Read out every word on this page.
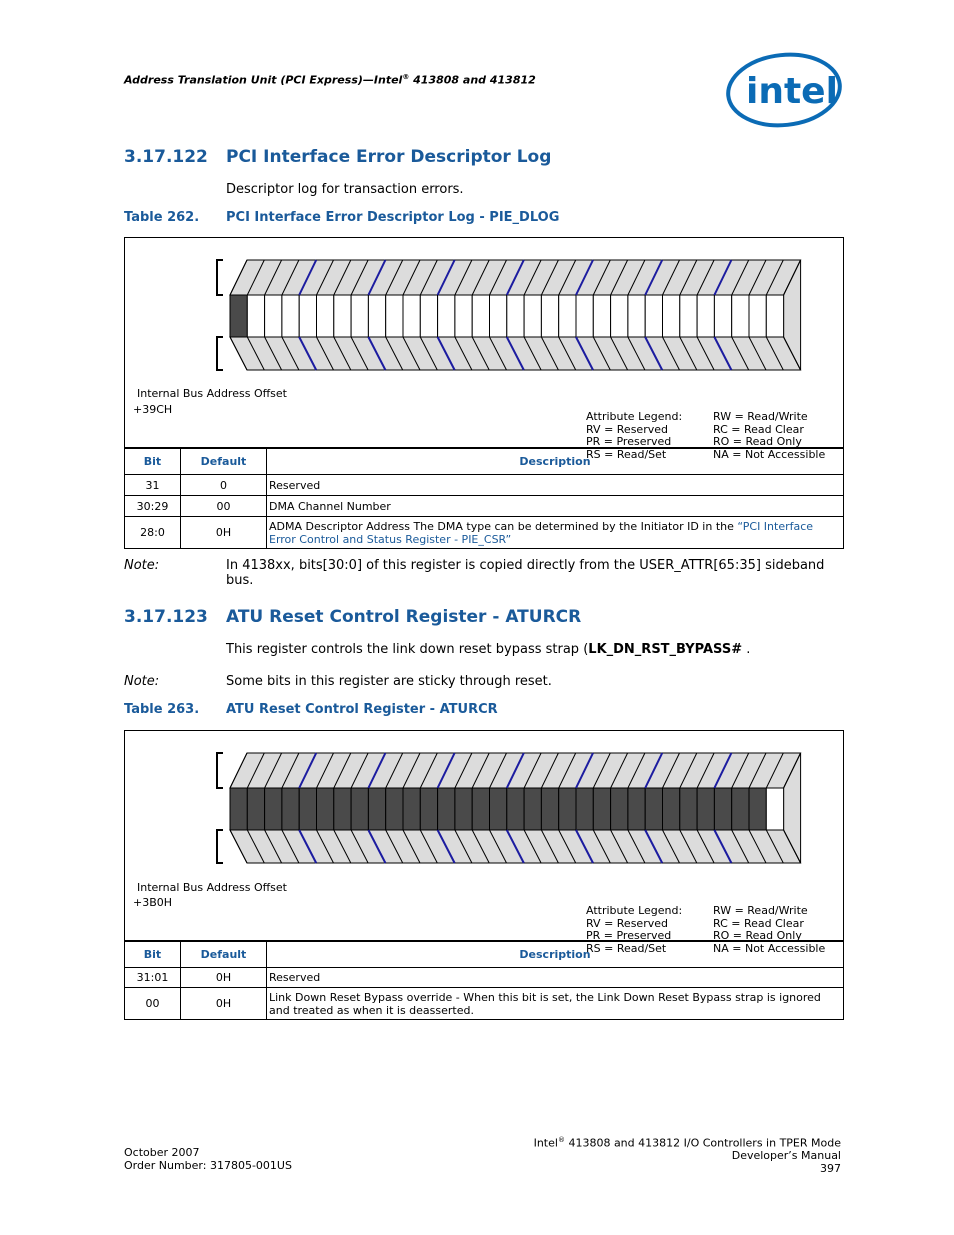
Address Translation Unit (PCI Express)—Intel® 413808 and 413812	intel
3.17.122 PCI Interface Error Descriptor Log
Descriptor log for transaction errors.
Table 262. PCI Interface Error Descriptor Log - PIE_DLOG
Internal Bus Address Offset
+39CH

Attribute Legend:
RV = Reserved
PR = Preserved
RS = Read/Set

RW = Read/Write
RC = Read Clear
RO = Read Only
NA = Not Accessible

Bit	Default	Description
31	0	Reserved
30:29	00	DMA Channel Number
28:0	0H	ADMA Descriptor Address The DMA type can be determined by the Initiator ID in the “PCI Interface Error Control and Status Register - PIE_CSR”
Note:	In 4138xx, bits[30:0] of this register is copied directly from the USER_ATTR[65:35] sideband bus.
3.17.123 ATU Reset Control Register - ATURCR
This register controls the link down reset bypass strap (LK_DN_RST_BYPASS# .
Note:	Some bits in this register are sticky through reset.
Table 263. ATU Reset Control Register - ATURCR
Internal Bus Address Offset
+3B0H

Attribute Legend:
RV = Reserved
PR = Preserved
RS = Read/Set

RW = Read/Write
RC = Read Clear
RO = Read Only
NA = Not Accessible

Bit	Default	Description
31:01	0H	Reserved
00	0H	Link Down Reset Bypass override - When this bit is set, the Link Down Reset Bypass strap is ignored and treated as when it is deasserted.
October 2007
Order Number: 317805-001US
Intel® 413808 and 413812 I/O Controllers in TPER Mode
Developer’s Manual
397
